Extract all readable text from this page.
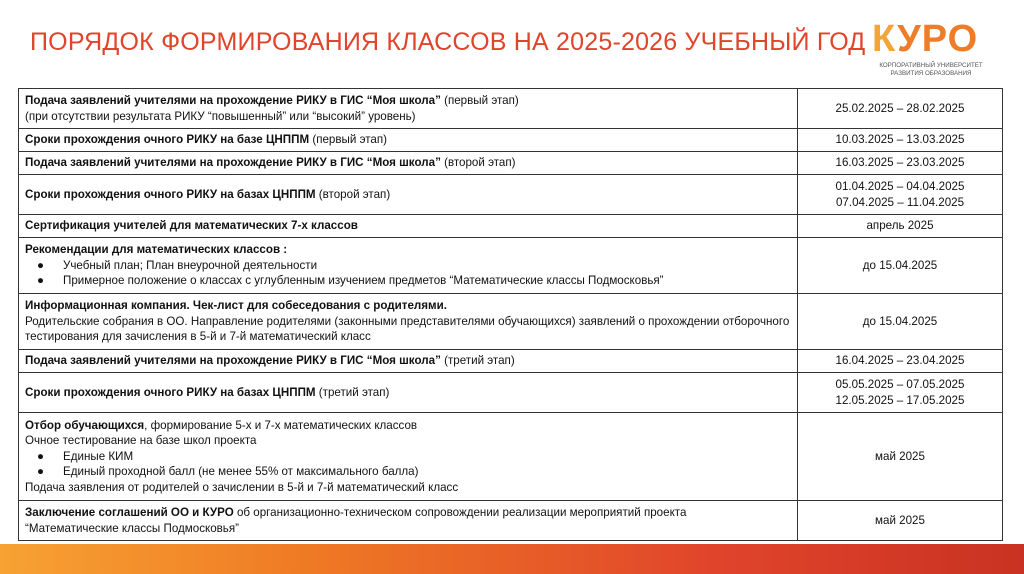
ПОРЯДОК ФОРМИРОВАНИЯ КЛАССОВ НА 2025-2026 УЧЕБНЫЙ ГОД КУРО
КОРПОРАТИВНЫЙ УНИВЕРСИТЕТ
РАЗВИТИЯ ОБРАЗОВАНИЯ
Подача заявлений учителями на прохождение РИКУ в ГИС “Моя школа” (первый этап)
(при отсутствии результата РИКУ “повышенный” или “высокий” уровень)	25.02.2025 – 28.02.2025
Сроки прохождения очного РИКУ на базе ЦНППМ (первый этап)	10.03.2025 – 13.03.2025
Подача заявлений учителями на прохождение РИКУ в ГИС “Моя школа” (второй этап)	16.03.2025 – 23.03.2025
Сроки прохождения очного РИКУ на базах ЦНППМ (второй этап)	01.04.2025 – 04.04.2025
07.04.2025 – 11.04.2025
Сертификация учителей для математических 7-х классов	апрель 2025
Рекомендации для математических классов :
● Учебный план; План внеурочной деятельности
● Примерное положение о классах с углубленным изучением предметов “Математические классы Подмосковья”	до 15.04.2025
Информационная компания. Чек-лист для собеседования с родителями.
Родительские собрания в ОО. Направление родителями (законными представителями обучающихся) заявлений о прохождении отборочного тестирования для зачисления в 5-й и 7-й математический класс	до 15.04.2025
Подача заявлений учителями на прохождение РИКУ в ГИС “Моя школа” (третий этап)	16.04.2025 – 23.04.2025
Сроки прохождения очного РИКУ на базах ЦНППМ (третий этап)	05.05.2025 – 07.05.2025
12.05.2025 – 17.05.2025
Отбор обучающихся, формирование 5-х и 7-х математических классов
Очное тестирование на базе школ проекта
● Единые КИМ
● Единый проходной балл (не менее 55% от максимального балла)
Подача заявления от родителей о зачислении в 5-й и 7-й математический класс	май 2025
Заключение соглашений ОО и КУРО об организационно-техническом сопровождении реализации мероприятий проекта
“Математические классы Подмосковья”	май 2025
